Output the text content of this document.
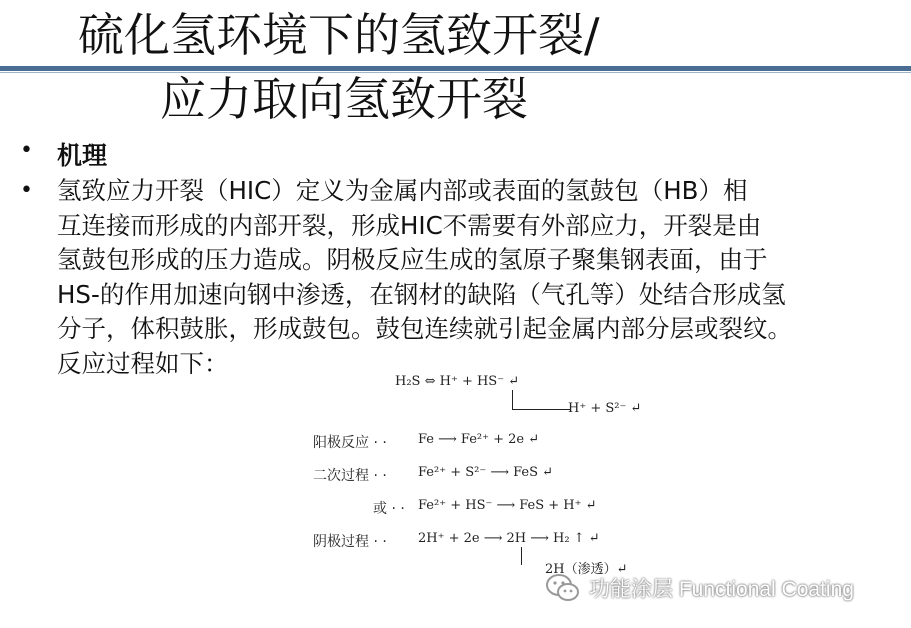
硫化氢环境下的氢致开裂/
应力取向氢致开裂
• 机理
• 氢致应力开裂（HIC）定义为金属内部或表面的氢鼓包（HB）相
互连接而形成的内部开裂，形成HIC不需要有外部应力，开裂是由
氢鼓包形成的压力造成。阴极反应生成的氢原子聚集钢表面，由于
HS-的作用加速向钢中渗透，在钢材的缺陷（气孔等）处结合形成氢
分子，体积鼓胀，形成鼓包。鼓包连续就引起金属内部分层或裂纹。
反应过程如下：
H₂S ⇔ H⁺ + HS⁻ ↵
H⁺ + S²⁻ ↵
阳极反应 · · Fe ⟶ Fe²⁺ + 2e ↵
二次过程 · · Fe²⁺ + S²⁻ ⟶ FeS ↵
或 · · Fe²⁺ + HS⁻ ⟶ FeS + H⁺ ↵
阴极过程 · · 2H⁺ + 2e ⟶ 2H ⟶ H₂ ↑ ↵
2H（渗透）↵
功能涂层 Functional Coating
